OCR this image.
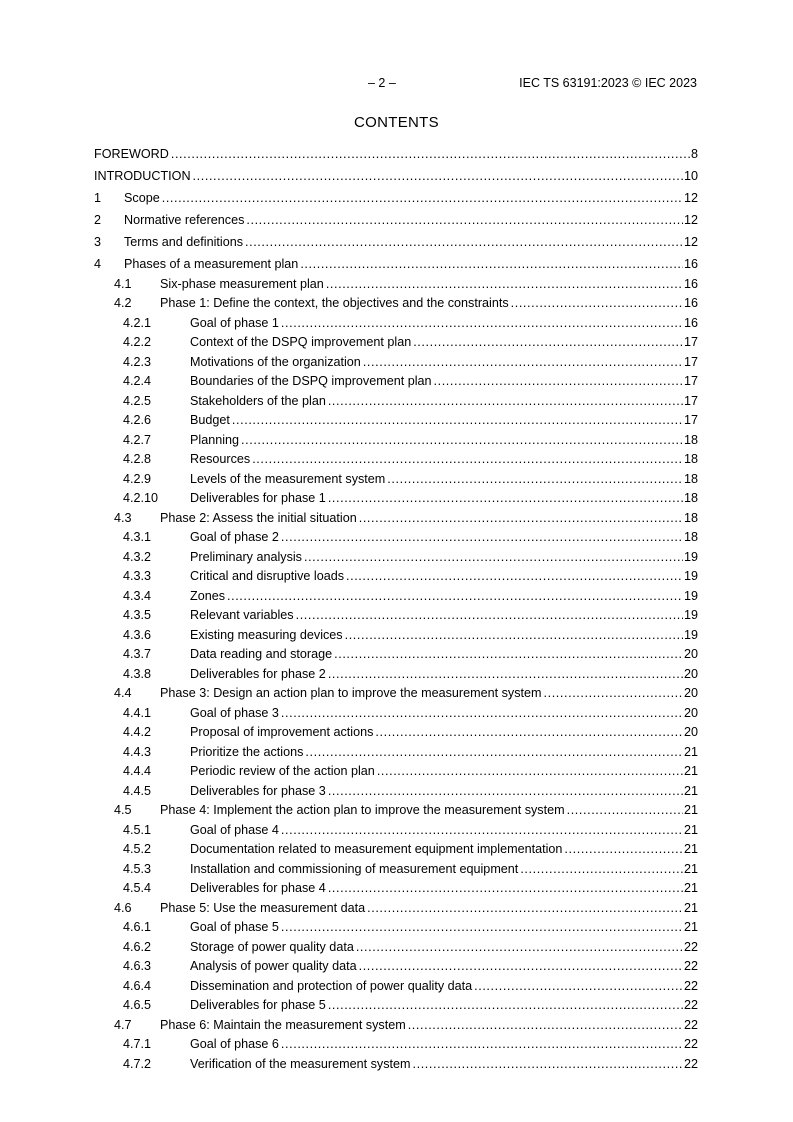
– 2 –	IEC TS 63191:2023 © IEC 2023
CONTENTS
FOREWORD .....	8
INTRODUCTION .....	10
1 Scope .....	12
2 Normative references .....	12
3 Terms and definitions .....	12
4 Phases of a measurement plan .....	16
4.1 Six-phase measurement plan .....	16
4.2 Phase 1: Define the context, the objectives and the constraints .....	16
4.2.1	Goal of phase 1 .....	16
4.2.2	Context of the DSPQ improvement plan .....	17
4.2.3	Motivations of the organization .....	17
4.2.4	Boundaries of the DSPQ improvement plan .....	17
4.2.5	Stakeholders of the plan .....	17
4.2.6	Budget .....	17
4.2.7	Planning .....	18
4.2.8	Resources .....	18
4.2.9	Levels of the measurement system .....	18
4.2.10	Deliverables for phase 1 .....	18
4.3 Phase 2: Assess the initial situation .....	18
4.3.1	Goal of phase 2 .....	18
4.3.2	Preliminary analysis .....	19
4.3.3	Critical and disruptive loads .....	19
4.3.4	Zones .....	19
4.3.5	Relevant variables .....	19
4.3.6	Existing measuring devices .....	19
4.3.7	Data reading and storage .....	20
4.3.8	Deliverables for phase 2 .....	20
4.4 Phase 3: Design an action plan to improve the measurement system .....	20
4.4.1	Goal of phase 3 .....	20
4.4.2	Proposal of improvement actions .....	20
4.4.3	Prioritize the actions .....	21
4.4.4	Periodic review of the action plan .....	21
4.4.5	Deliverables for phase 3 .....	21
4.5 Phase 4: Implement the action plan to improve the measurement system .....	21
4.5.1	Goal of phase 4 .....	21
4.5.2	Documentation related to measurement equipment implementation .....	21
4.5.3	Installation and commissioning of measurement equipment .....	21
4.5.4	Deliverables for phase 4 .....	21
4.6 Phase 5: Use the measurement data .....	21
4.6.1	Goal of phase 5 .....	21
4.6.2	Storage of power quality data .....	22
4.6.3	Analysis of power quality data .....	22
4.6.4	Dissemination and protection of power quality data .....	22
4.6.5	Deliverables for phase 5 .....	22
4.7 Phase 6: Maintain the measurement system .....	22
4.7.1	Goal of phase 6 .....	22
4.7.2	Verification of the measurement system .....	22
